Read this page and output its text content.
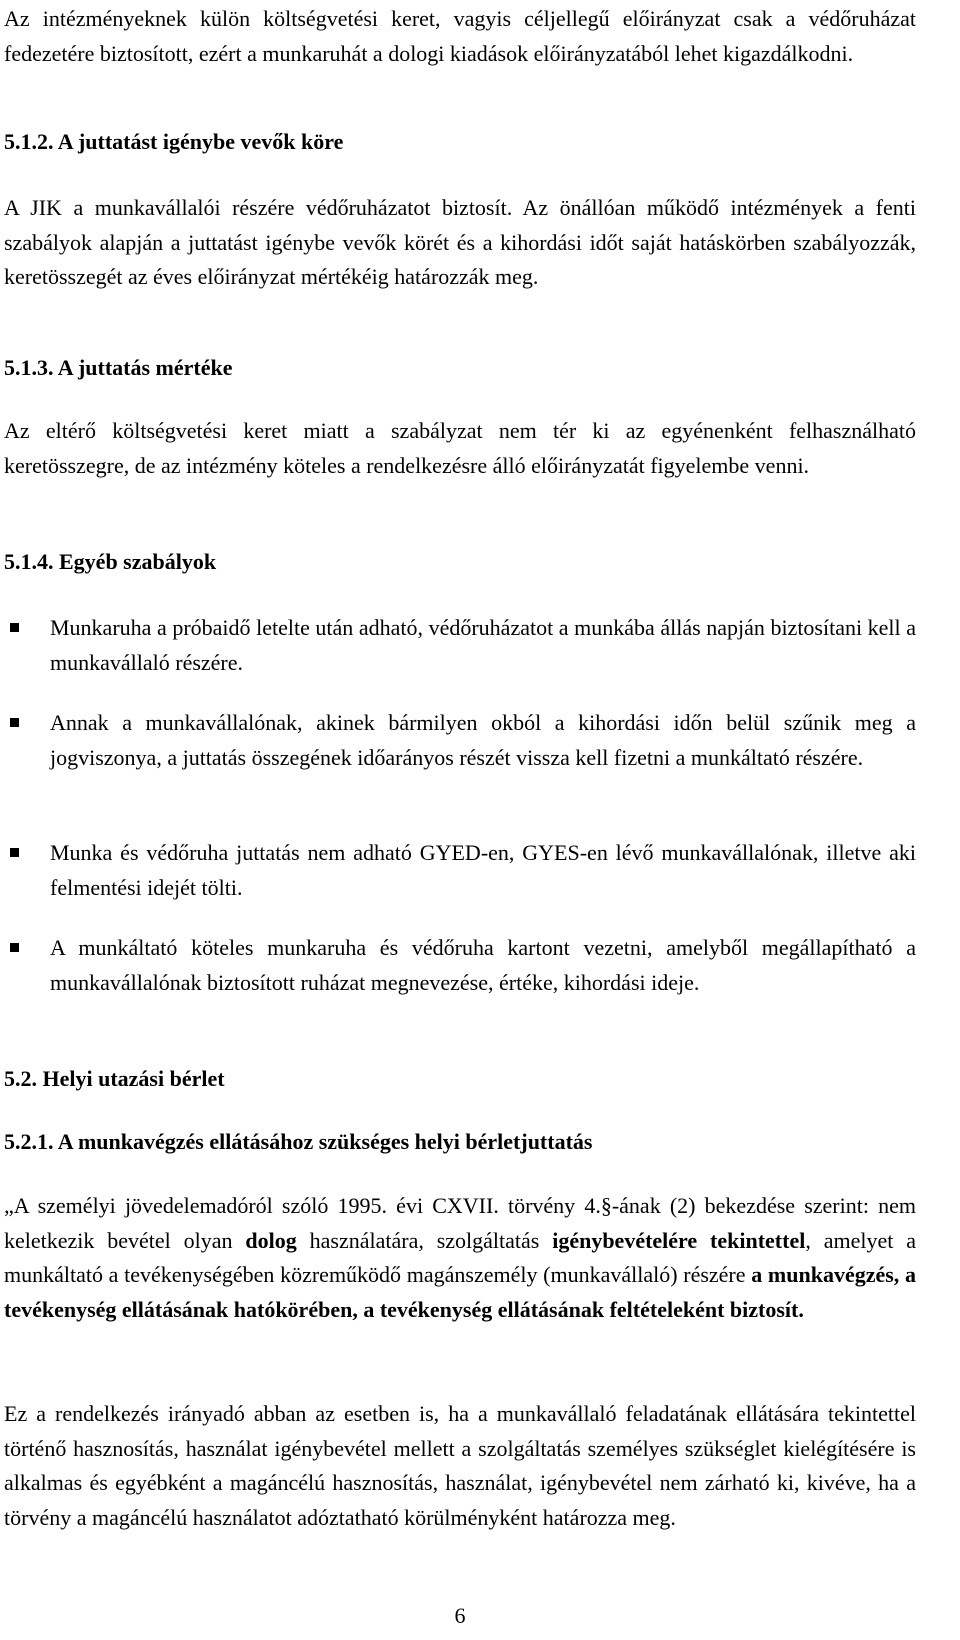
Az intézményeknek külön költségvetési keret, vagyis céljellegű előirányzat csak a védőruházat fedezetére biztosított, ezért a munkaruhát a dologi kiadások előirányzatából lehet kigazdálkodni.

5.1.2. A juttatást igénybe vevők köre

A JIK a munkavállalói részére védőruházatot biztosít. Az önállóan működő intézmények a fenti szabályok alapján a juttatást igénybe vevők körét és a kihordási időt saját hatáskörben szabályozzák, keretösszegét az éves előirányzat mértékéig határozzák meg.

5.1.3. A juttatás mértéke

Az eltérő költségvetési keret miatt a szabályzat nem tér ki az egyénenként felhasználható keretösszegre, de az intézmény köteles a rendelkezésre álló előirányzatát figyelembe venni.

5.1.4. Egyéb szabályok

Munkaruha a próbaidő letelte után adható, védőruházatot a munkába állás napján biztosítani kell a munkavállaló részére.

Annak a munkavállalónak, akinek bármilyen okból a kihordási időn belül szűnik meg a jogviszonya, a juttatás összegének időarányos részét vissza kell fizetni a munkáltató részére.

Munka és védőruha juttatás nem adható GYED-en, GYES-en lévő munkavállalónak, illetve aki felmentési idejét tölti.

A munkáltató köteles munkaruha és védőruha kartont vezetni, amelyből megállapítható a munkavállalónak biztosított ruházat megnevezése, értéke, kihordási ideje.

5.2. Helyi utazási bérlet
5.2.1. A munkavégzés ellátásához szükséges helyi bérletjuttatás

„A személyi jövedelemadóról szóló 1995. évi CXVII. törvény 4.§-ának (2) bekezdése szerint: nem keletkezik bevétel olyan dolog használatára, szolgáltatás igénybevételére tekintettel, amelyet a munkáltató a tevékenységében közreműködő magánszemély (munkavállaló) részére a munkavégzés, a tevékenység ellátásának hatókörében, a tevékenység ellátásának feltételeként biztosít.

Ez a rendelkezés irányadó abban az esetben is, ha a munkavállaló feladatának ellátására tekintettel történő hasznosítás, használat igénybevétel mellett a szolgáltatás személyes szükséglet kielégítésére is alkalmas és egyébként a magáncélú hasznosítás, használat, igénybevétel nem zárható ki, kivéve, ha a törvény a magáncélú használatot adóztatható körülményként határozza meg.

6
